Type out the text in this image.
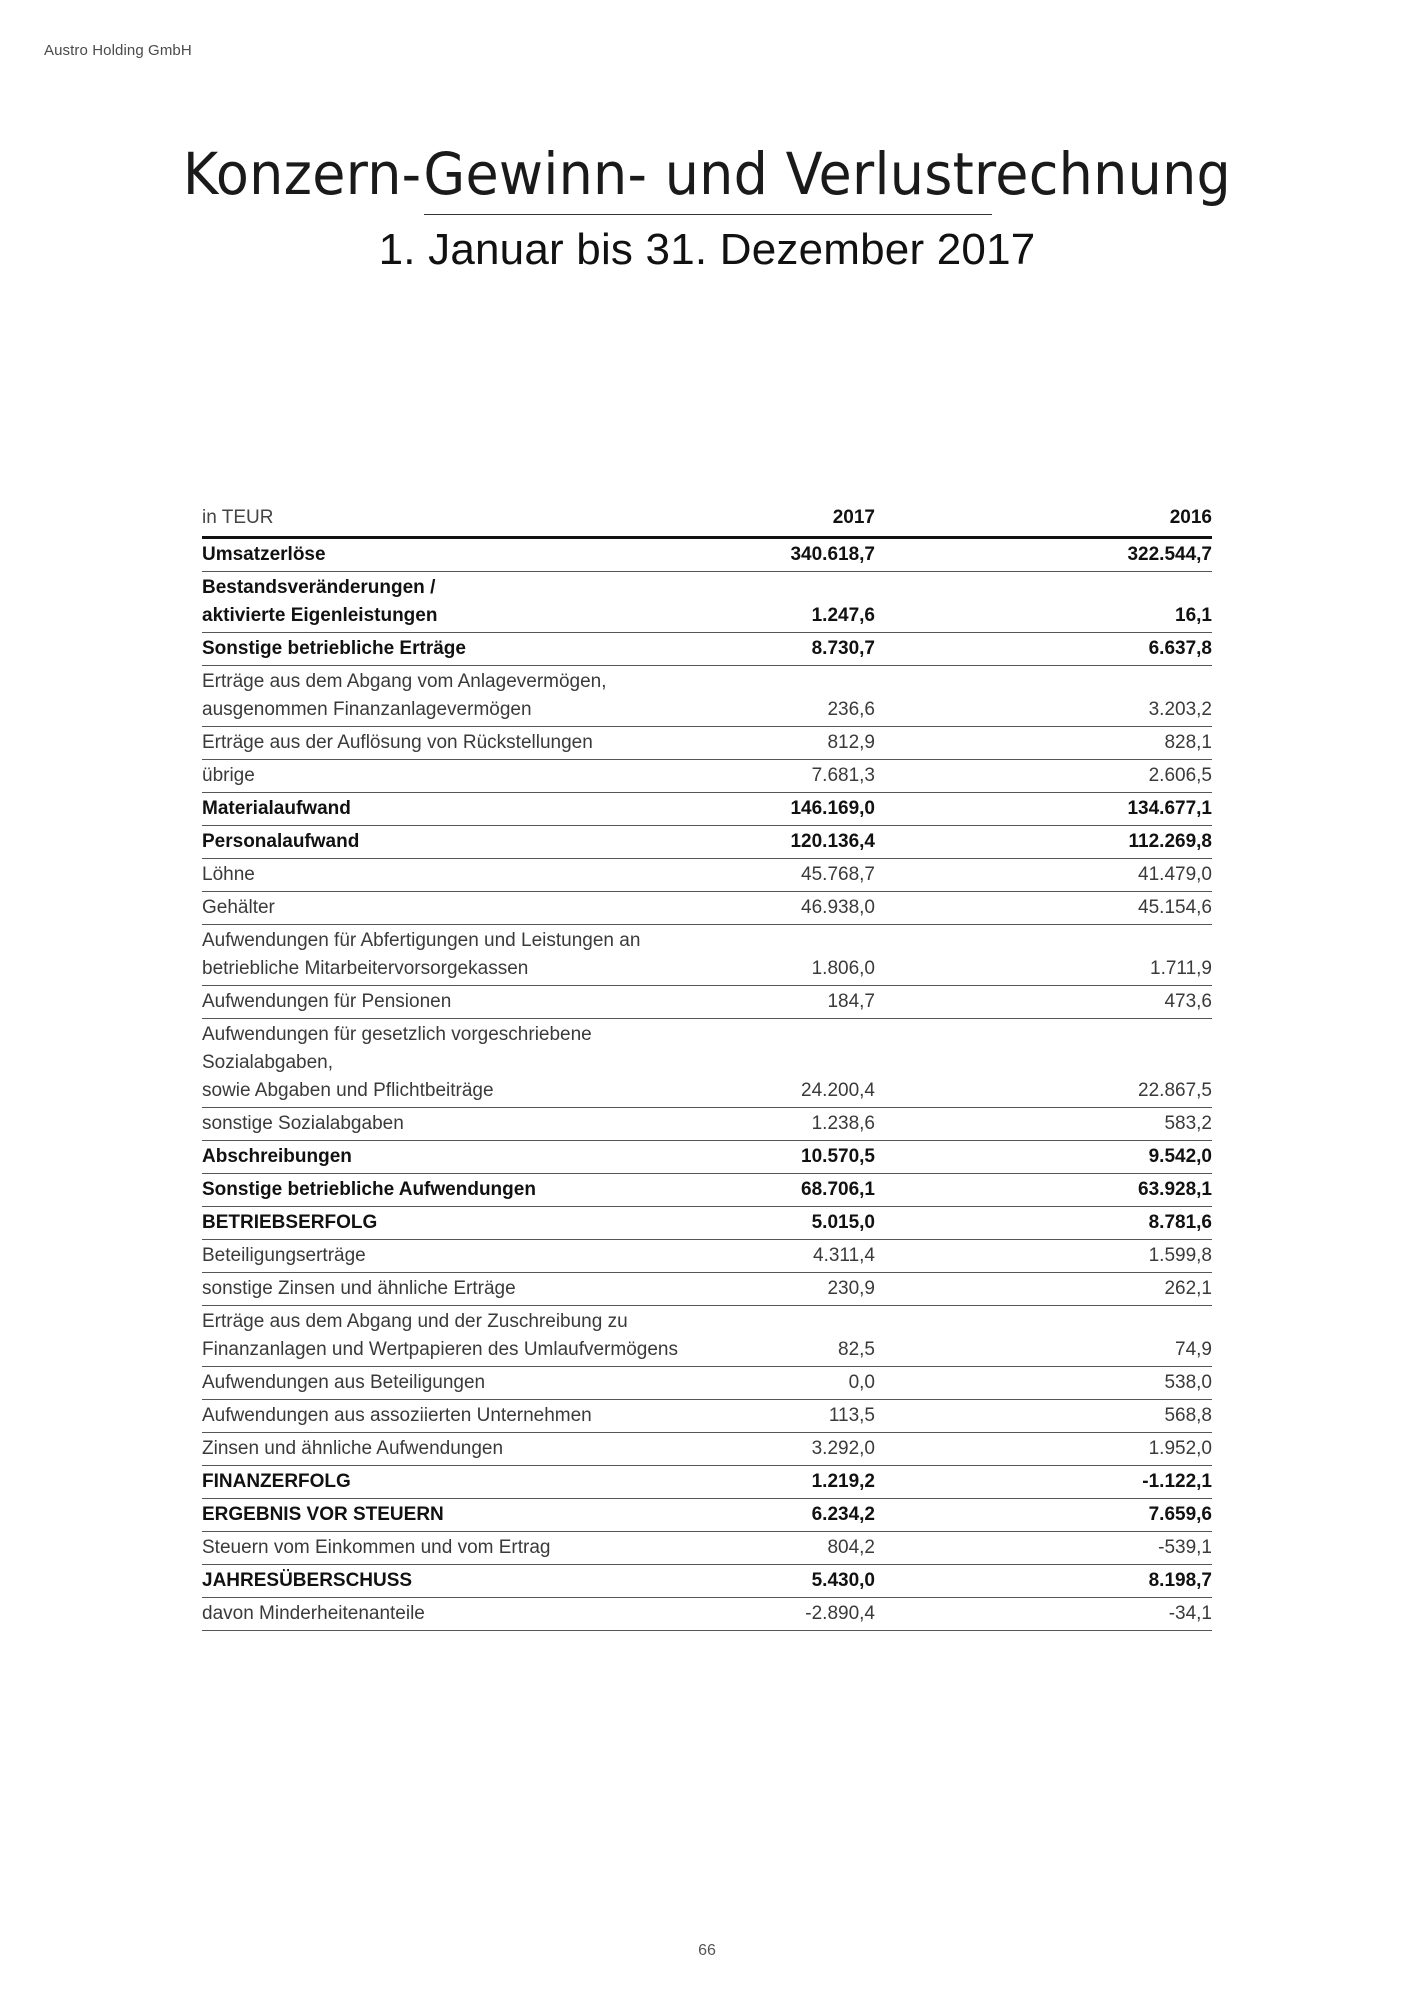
Austro Holding GmbH
Konzern-Gewinn- und Verlustrechnung
1. Januar bis 31. Dezember 2017
in TEUR	2017	2016
Umsatzerlöse	340.618,7	322.544,7
Bestandsveränderungen /
aktivierte Eigenleistungen	1.247,6	16,1
Sonstige betriebliche Erträge	8.730,7	6.637,8
Erträge aus dem Abgang vom Anlagevermögen,
ausgenommen Finanzanlagevermögen	236,6	3.203,2
Erträge aus der Auflösung von Rückstellungen	812,9	828,1
übrige	7.681,3	2.606,5
Materialaufwand	146.169,0	134.677,1
Personalaufwand	120.136,4	112.269,8
Löhne	45.768,7	41.479,0
Gehälter	46.938,0	45.154,6
Aufwendungen für Abfertigungen und Leistungen an
betriebliche Mitarbeitervorsorgekassen	1.806,0	1.711,9
Aufwendungen für Pensionen	184,7	473,6
Aufwendungen für gesetzlich vorgeschriebene Sozialabgaben,
sowie Abgaben und Pflichtbeiträge	24.200,4	22.867,5
sonstige Sozialabgaben	1.238,6	583,2
Abschreibungen	10.570,5	9.542,0
Sonstige betriebliche Aufwendungen	68.706,1	63.928,1
BETRIEBSERFOLG	5.015,0	8.781,6
Beteiligungserträge	4.311,4	1.599,8
sonstige Zinsen und ähnliche Erträge	230,9	262,1
Erträge aus dem Abgang und der Zuschreibung zu
Finanzanlagen und Wertpapieren des Umlaufvermögens	82,5	74,9
Aufwendungen aus Beteiligungen	0,0	538,0
Aufwendungen aus assoziierten Unternehmen	113,5	568,8
Zinsen und ähnliche Aufwendungen	3.292,0	1.952,0
FINANZERFOLG	1.219,2	-1.122,1
ERGEBNIS VOR STEUERN	6.234,2	7.659,6
Steuern vom Einkommen und vom Ertrag	804,2	-539,1
JAHRESÜBERSCHUSS	5.430,0	8.198,7
davon Minderheitenanteile	-2.890,4	-34,1
66
